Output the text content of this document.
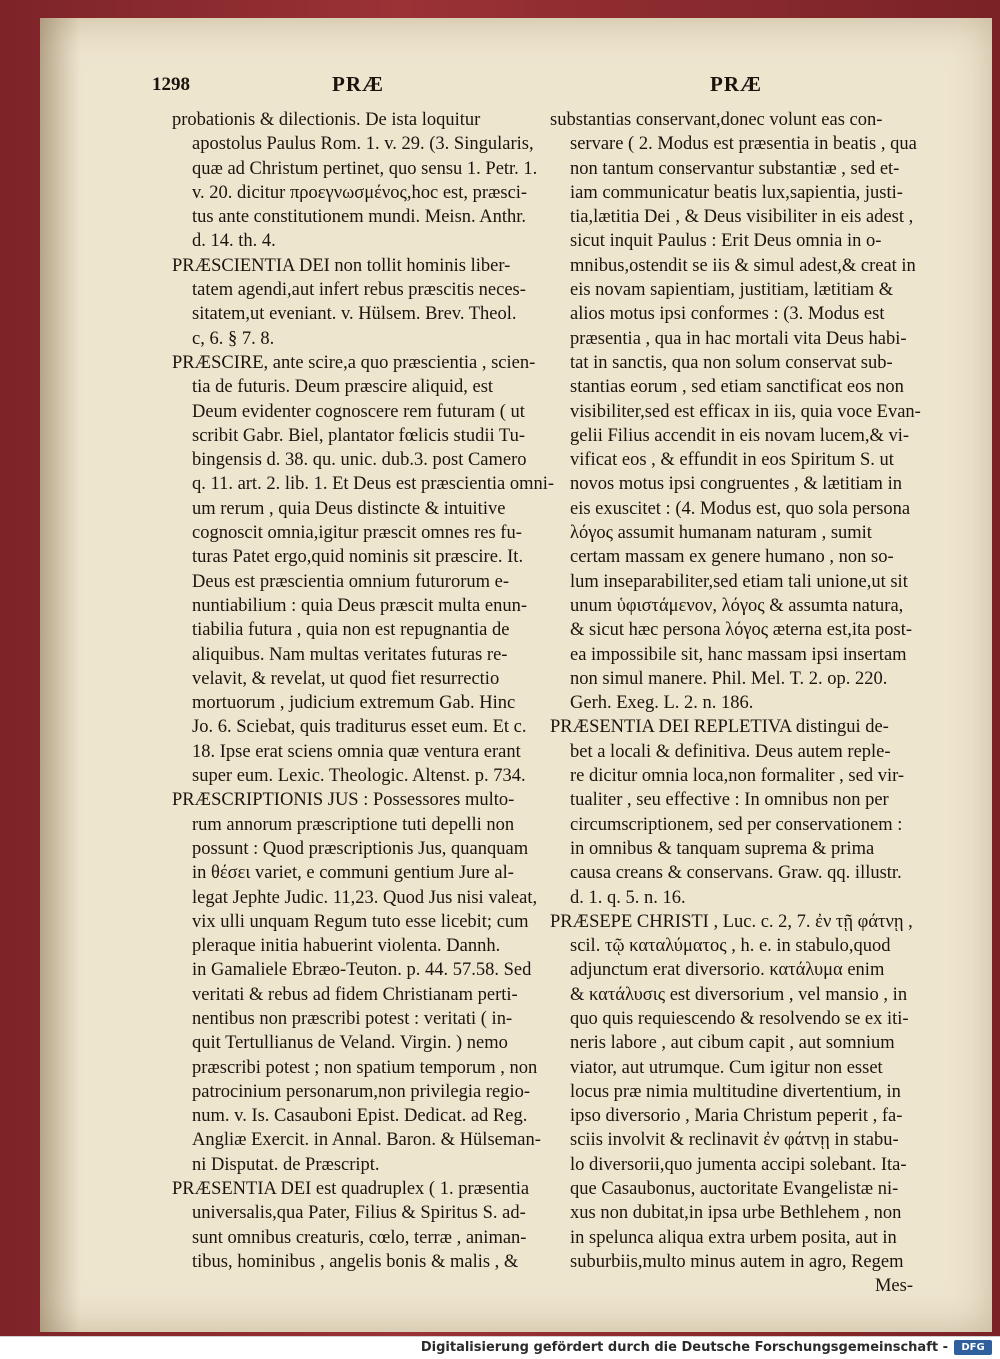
1298	PRÆ	PRÆ
probationis & dilectionis. De ista loquitur
apostolus Paulus Rom. 1. v. 29. (3. Singularis,
quæ ad Christum pertinet, quo sensu 1. Petr. 1.
v. 20. dicitur προεγνωσμένος,hoc est, præsci-
tus ante constitutionem mundi. Meisn. Anthr.
d. 14. th. 4.
PRÆSCIENTIA DEI non tollit hominis liber-
tatem agendi,aut infert rebus præscitis neces-
sitatem,ut eveniant. v. Hülsem. Brev. Theol.
c, 6. § 7. 8.
PRÆSCIRE, ante scire,a quo præscientia , scien-
tia de futuris. Deum præscire aliquid, est
Deum evidenter cognoscere rem futuram ( ut
scribit Gabr. Biel, plantator fœlicis studii Tu-
bingensis d. 38. qu. unic. dub.3. post Camero
q. 11. art. 2. lib. 1. Et Deus est præscientia omni-
um rerum , quia Deus distincte & intuitive
cognoscit omnia,igitur præscit omnes res fu-
turas Patet ergo,quid nominis sit præscire. It.
Deus est præscientia omnium futurorum e-
nuntiabilium : quia Deus præscit multa enun-
tiabilia futura , quia non est repugnantia de
aliquibus. Nam multas veritates futuras re-
velavit, & revelat, ut quod fiet resurrectio
mortuorum , judicium extremum Gab. Hinc
Jo. 6. Sciebat, quis traditurus esset eum. Et c.
18. Ipse erat sciens omnia quæ ventura erant
super eum. Lexic. Theologic. Altenst. p. 734.
PRÆSCRIPTIONIS JUS : Possessores multo-
rum annorum præscriptione tuti depelli non
possunt : Quod præscriptionis Jus, quanquam
in θέσει variet, e communi gentium Jure al-
legat Jephte Judic. 11,23. Quod Jus nisi valeat,
vix ulli unquam Regum tuto esse licebit; cum
pleraque initia habuerint violenta. Dannh.
in Gamaliele Ebræo-Teuton. p. 44. 57.58. Sed
veritati & rebus ad fidem Christianam perti-
nentibus non præscribi potest : veritati ( in-
quit Tertullianus de Veland. Virgin. ) nemo
præscribi potest ; non spatium temporum , non
patrocinium personarum,non privilegia regio-
num. v. Is. Casauboni Epist. Dedicat. ad Reg.
Angliæ Exercit. in Annal. Baron. & Hülseman-
ni Disputat. de Præscript.
PRÆSENTIA DEI est quadruplex ( 1. præsentia
universalis,qua Pater, Filius & Spiritus S. ad-
sunt omnibus creaturis, cœlo, terræ , animan-
tibus, hominibus , angelis bonis & malis , &
substantias conservant,donec volunt eas con-
servare ( 2. Modus est præsentia in beatis , qua
non tantum conservantur substantiæ , sed et-
iam communicatur beatis lux,sapientia, justi-
tia,lætitia Dei , & Deus visibiliter in eis adest ,
sicut inquit Paulus : Erit Deus omnia in o-
mnibus,ostendit se iis & simul adest,& creat in
eis novam sapientiam, justitiam, lætitiam &
alios motus ipsi conformes : (3. Modus est
præsentia , qua in hac mortali vita Deus habi-
tat in sanctis, qua non solum conservat sub-
stantias eorum , sed etiam sanctificat eos non
visibiliter,sed est efficax in iis, quia voce Evan-
gelii Filius accendit in eis novam lucem,& vi-
vificat eos , & effundit in eos Spiritum S. ut
novos motus ipsi congruentes , & lætitiam in
eis exuscitet : (4. Modus est, quo sola persona
λόγος assumit humanam naturam , sumit
certam massam ex genere humano , non so-
lum inseparabiliter,sed etiam tali unione,ut sit
unum ὑφιστάμενον, λόγος & assumta natura,
& sicut hæc persona λόγος æterna est,ita post-
ea impossibile sit, hanc massam ipsi insertam
non simul manere. Phil. Mel. T. 2. op. 220.
Gerh. Exeg. L. 2. n. 186.
PRÆSENTIA DEI REPLETIVA distingui de-
bet a locali & definitiva. Deus autem reple-
re dicitur omnia loca,non formaliter , sed vir-
tualiter , seu effective : In omnibus non per
circumscriptionem, sed per conservationem :
in omnibus & tanquam suprema & prima
causa creans & conservans. Graw. qq. illustr.
d. 1. q. 5. n. 16.
PRÆSEPE CHRISTI , Luc. c. 2, 7. ἐν τῇ φάτνῃ ,
scil. τῷ καταλύματος , h. e. in stabulo,quod
adjunctum erat diversorio. κατάλυμα enim
& κατάλυσις est diversorium , vel mansio , in
quo quis requiescendo & resolvendo se ex iti-
neris labore , aut cibum capit , aut somnium
viator, aut utrumque. Cum igitur non esset
locus præ nimia multitudine divertentium, in
ipso diversorio , Maria Christum peperit , fa-
sciis involvit & reclinavit ἐν φάτνῃ in stabu-
lo diversorii,quo jumenta accipi solebant. Ita-
que Casaubonus, auctoritate Evangelistæ ni-
xus non dubitat,in ipsa urbe Bethlehem , non
in spelunca aliqua extra urbem posita, aut in
suburbiis,multo minus autem in agro, Regem
Mes-
Digitalisierung gefördert durch die Deutsche Forschungsgemeinschaft -	DFG
